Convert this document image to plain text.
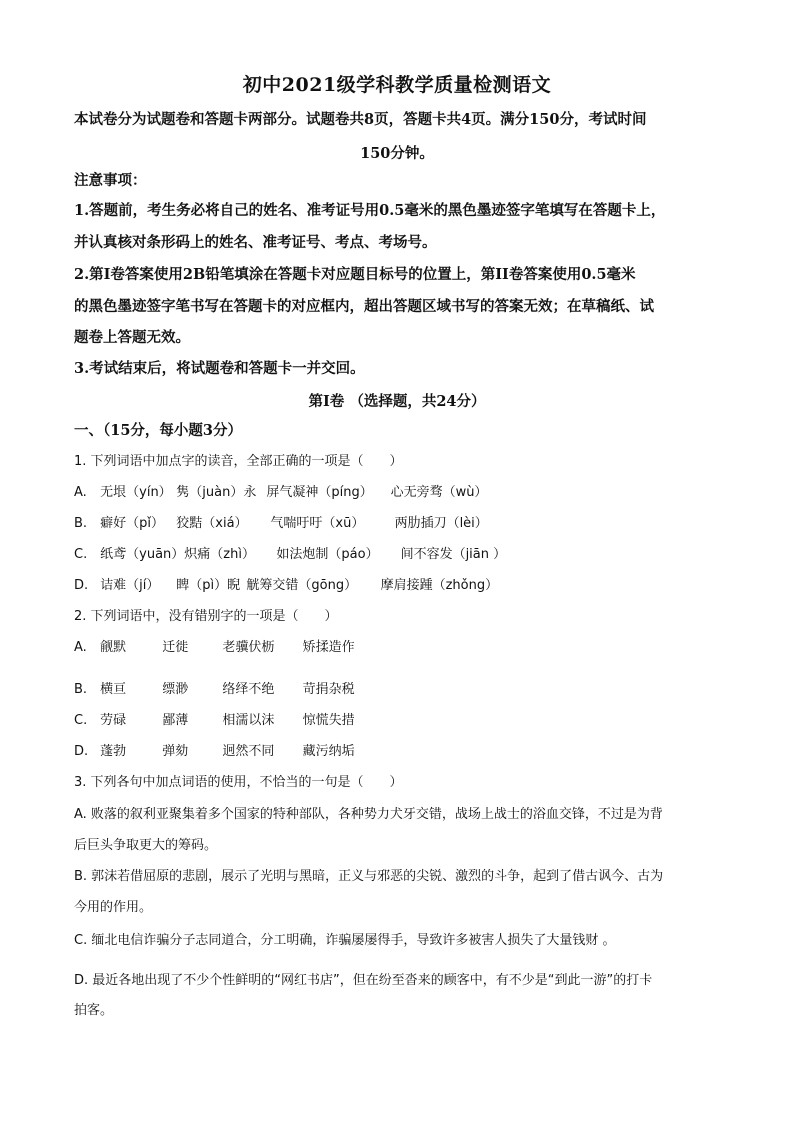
初中2021级学科教学质量检测语文
本试卷分为试题卷和答题卡两部分。试题卷共8页，答题卡共4页。满分150分，考试时间
150分钟。
注意事项：
1.答题前，考生务必将自己的姓名、准考证号用0.5毫米的黑色墨迹签字笔填写在答题卡上，
并认真核对条形码上的姓名、准考证号、考点、考场号。
2.第Ⅰ卷答案使用2B铅笔填涂在答题卡对应题目标号的位置上，第II卷答案使用0.5毫米
的黑色墨迹签字笔书写在答题卡的对应框内，超出答题区域书写的答案无效；在草稿纸、试
题卷上答题无效。
3.考试结束后，将试题卷和答题卡一并交回。
第Ⅰ卷 （选择题，共24分）
一、（15分，每小题3分）
1. 下列词语中加点字的读音，全部正确的一项是（　　）
A. 无垠（yín） 隽（juàn）永 屏气凝神（píng） 心无旁骛（wù）
B. 癖好（pǐ） 狡黠（xiá） 气喘吁吁（xū） 两肋插刀（lèi）
C. 纸鸢（yuān）炽痛（zhì） 如法炮制（páo） 间不容发（jiān ）
D. 诘难（jí） 睥（pì）睨 觥筹交错（gōng） 摩肩接踵（zhǒng）
2. 下列词语中，没有错别字的一项是（　　）
A. 觎默	迁徙	老骥伏枥 矫揉造作
B. 横亘	缥渺	络绎不绝 苛捐杂税
C. 劳碌	鄙薄	相濡以沫 惊慌失措
D. 蓬勃	弹劾	迥然不同 藏污纳垢
3. 下列各句中加点词语的使用，不恰当的一句是（　　）
A. 败落的叙利亚聚集着多个国家的特种部队，各种势力犬牙交错，战场上战士的浴血交锋，不过是为背
后巨头争取更大的筹码。
B. 郭沫若借屈原的悲剧，展示了光明与黑暗，正义与邪恶的尖锐、激烈的斗争，起到了借古讽今、古为
今用的作用。
C. 缅北电信诈骗分子志同道合，分工明确，诈骗屡屡得手，导致许多被害人损失了大量钱财 。
D. 最近各地出现了不少个性鲜明的“网红书店”，但在纷至沓来的顾客中，有不少是“到此一游”的打卡
拍客。
